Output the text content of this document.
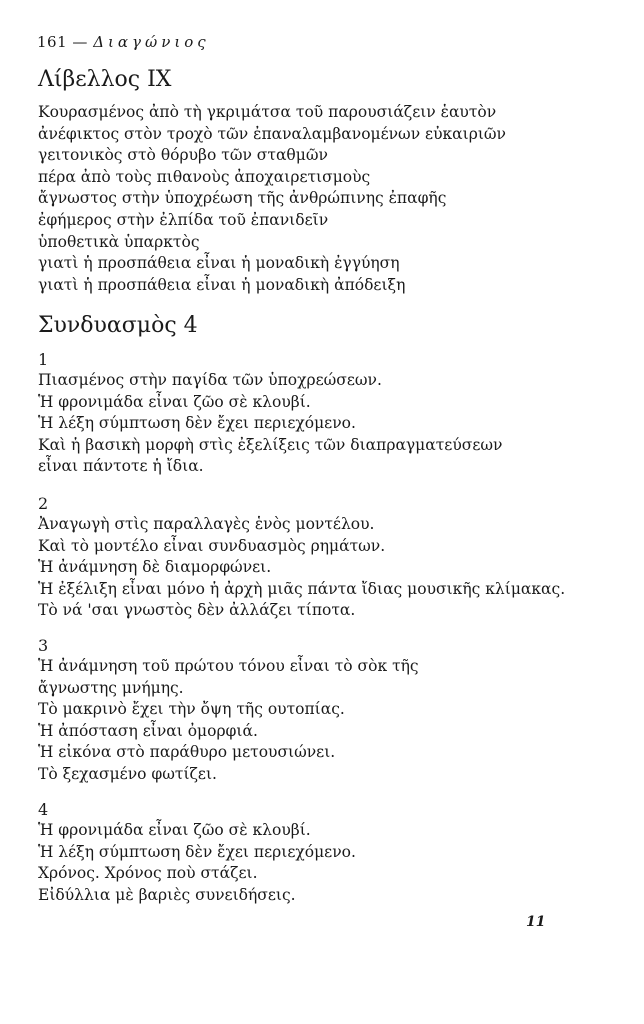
161 — Διαγώνιος
Λίβελλος IX

Κουρασμένος ἀπὸ τὴ γκριμάτσα τοῦ παρουσιάζειν ἑαυτὸν

ἀνέφικτος στὸν τροχὸ τῶν ἐπαναλαμβανομένων εὐκαιριῶν

γειτονικὸς στὸ θόρυβο τῶν σταθμῶν

πέρα ἀπὸ τοὺς πιθανοὺς ἀποχαιρετισμοὺς

ἄγνωστος στὴν ὑποχρέωση τῆς ἀνθρώπινης ἐπαφῆς

ἐφήμερος στὴν ἐλπίδα τοῦ ἐπανιδεῖν

ὑποθετικὰ ὑπαρκτὸς

γιατὶ ἡ προσπάθεια εἶναι ἡ μοναδικὴ ἐγγύηση

γιατὶ ἡ προσπάθεια εἶναι ἡ μοναδικὴ ἀπόδειξη

Συνδυασμὸς 4

1

Πιασμένος στὴν παγίδα τῶν ὑποχρεώσεων.

Ἡ φρονιμάδα εἶναι ζῶο σὲ κλουβί.

Ἡ λέξη σύμπτωση δὲν ἔχει περιεχόμενο.

Καὶ ἡ βασικὴ μορφὴ στὶς ἐξελίξεις τῶν διαπραγματεύσεων

εἶναι πάντοτε ἡ ἴδια.

2

Ἀναγωγὴ στὶς παραλλαγὲς ἑνὸς μοντέλου.

Καὶ τὸ μοντέλο εἶναι συνδυασμὸς ρημάτων.

Ἡ ἀνάμνηση δὲ διαμορφώνει.

Ἡ ἐξέλιξη εἶναι μόνο ἡ ἀρχὴ μιᾶς πάντα ἴδιας μουσικῆς κλίμακας.

Τὸ νά 'σαι γνωστὸς δὲν ἀλλάζει τίποτα.

3

Ἡ ἀνάμνηση τοῦ πρώτου τόνου εἶναι τὸ σὸκ τῆς

ἄγνωστης μνήμης.

Τὸ μακρινὸ ἔχει τὴν ὄψη τῆς ουτοπίας.

Ἡ ἀπόσταση εἶναι ὀμορφιά.

Ἡ εἰκόνα στὸ παράθυρο μετουσιώνει.

Τὸ ξεχασμένο φωτίζει.

4

Ἡ φρονιμάδα εἶναι ζῶο σὲ κλουβί.

Ἡ λέξη σύμπτωση δὲν ἔχει περιεχόμενο.

Χρόνος. Χρόνος ποὺ στάζει.

Εἰδύλλια μὲ βαριὲς συνειδήσεις.

11
